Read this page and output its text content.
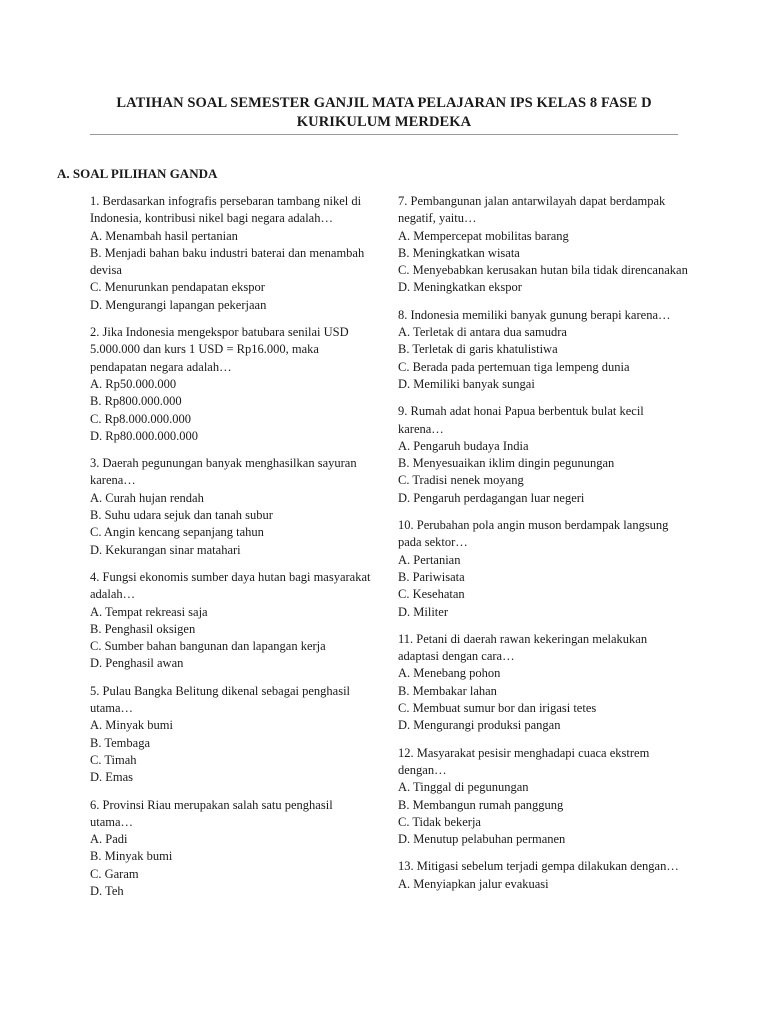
LATIHAN SOAL SEMESTER GANJIL MATA PELAJARAN IPS KELAS 8 FASE D
KURIKULUM MERDEKA
A. SOAL PILIHAN GANDA
1. Berdasarkan infografis persebaran tambang nikel di Indonesia, kontribusi nikel bagi negara adalah…
A. Menambah hasil pertanian
B. Menjadi bahan baku industri baterai dan menambah devisa
C. Menurunkan pendapatan ekspor
D. Mengurangi lapangan pekerjaan
2. Jika Indonesia mengekspor batubara senilai USD 5.000.000 dan kurs 1 USD = Rp16.000, maka pendapatan negara adalah…
A. Rp50.000.000
B. Rp800.000.000
C. Rp8.000.000.000
D. Rp80.000.000.000
3. Daerah pegunungan banyak menghasilkan sayuran karena…
A. Curah hujan rendah
B. Suhu udara sejuk dan tanah subur
C. Angin kencang sepanjang tahun
D. Kekurangan sinar matahari
4. Fungsi ekonomis sumber daya hutan bagi masyarakat adalah…
A. Tempat rekreasi saja
B. Penghasil oksigen
C. Sumber bahan bangunan dan lapangan kerja
D. Penghasil awan
5. Pulau Bangka Belitung dikenal sebagai penghasil utama…
A. Minyak bumi
B. Tembaga
C. Timah
D. Emas
6. Provinsi Riau merupakan salah satu penghasil utama…
A. Padi
B. Minyak bumi
C. Garam
D. Teh
7. Pembangunan jalan antarwilayah dapat berdampak negatif, yaitu…
A. Mempercepat mobilitas barang
B. Meningkatkan wisata
C. Menyebabkan kerusakan hutan bila tidak direncanakan
D. Meningkatkan ekspor
8. Indonesia memiliki banyak gunung berapi karena…
A. Terletak di antara dua samudra
B. Terletak di garis khatulistiwa
C. Berada pada pertemuan tiga lempeng dunia
D. Memiliki banyak sungai
9. Rumah adat honai Papua berbentuk bulat kecil karena…
A. Pengaruh budaya India
B. Menyesuaikan iklim dingin pegunungan
C. Tradisi nenek moyang
D. Pengaruh perdagangan luar negeri
10. Perubahan pola angin muson berdampak langsung pada sektor…
A. Pertanian
B. Pariwisata
C. Kesehatan
D. Militer
11. Petani di daerah rawan kekeringan melakukan adaptasi dengan cara…
A. Menebang pohon
B. Membakar lahan
C. Membuat sumur bor dan irigasi tetes
D. Mengurangi produksi pangan
12. Masyarakat pesisir menghadapi cuaca ekstrem dengan…
A. Tinggal di pegunungan
B. Membangun rumah panggung
C. Tidak bekerja
D. Menutup pelabuhan permanen
13. Mitigasi sebelum terjadi gempa dilakukan dengan…
A. Menyiapkan jalur evakuasi
